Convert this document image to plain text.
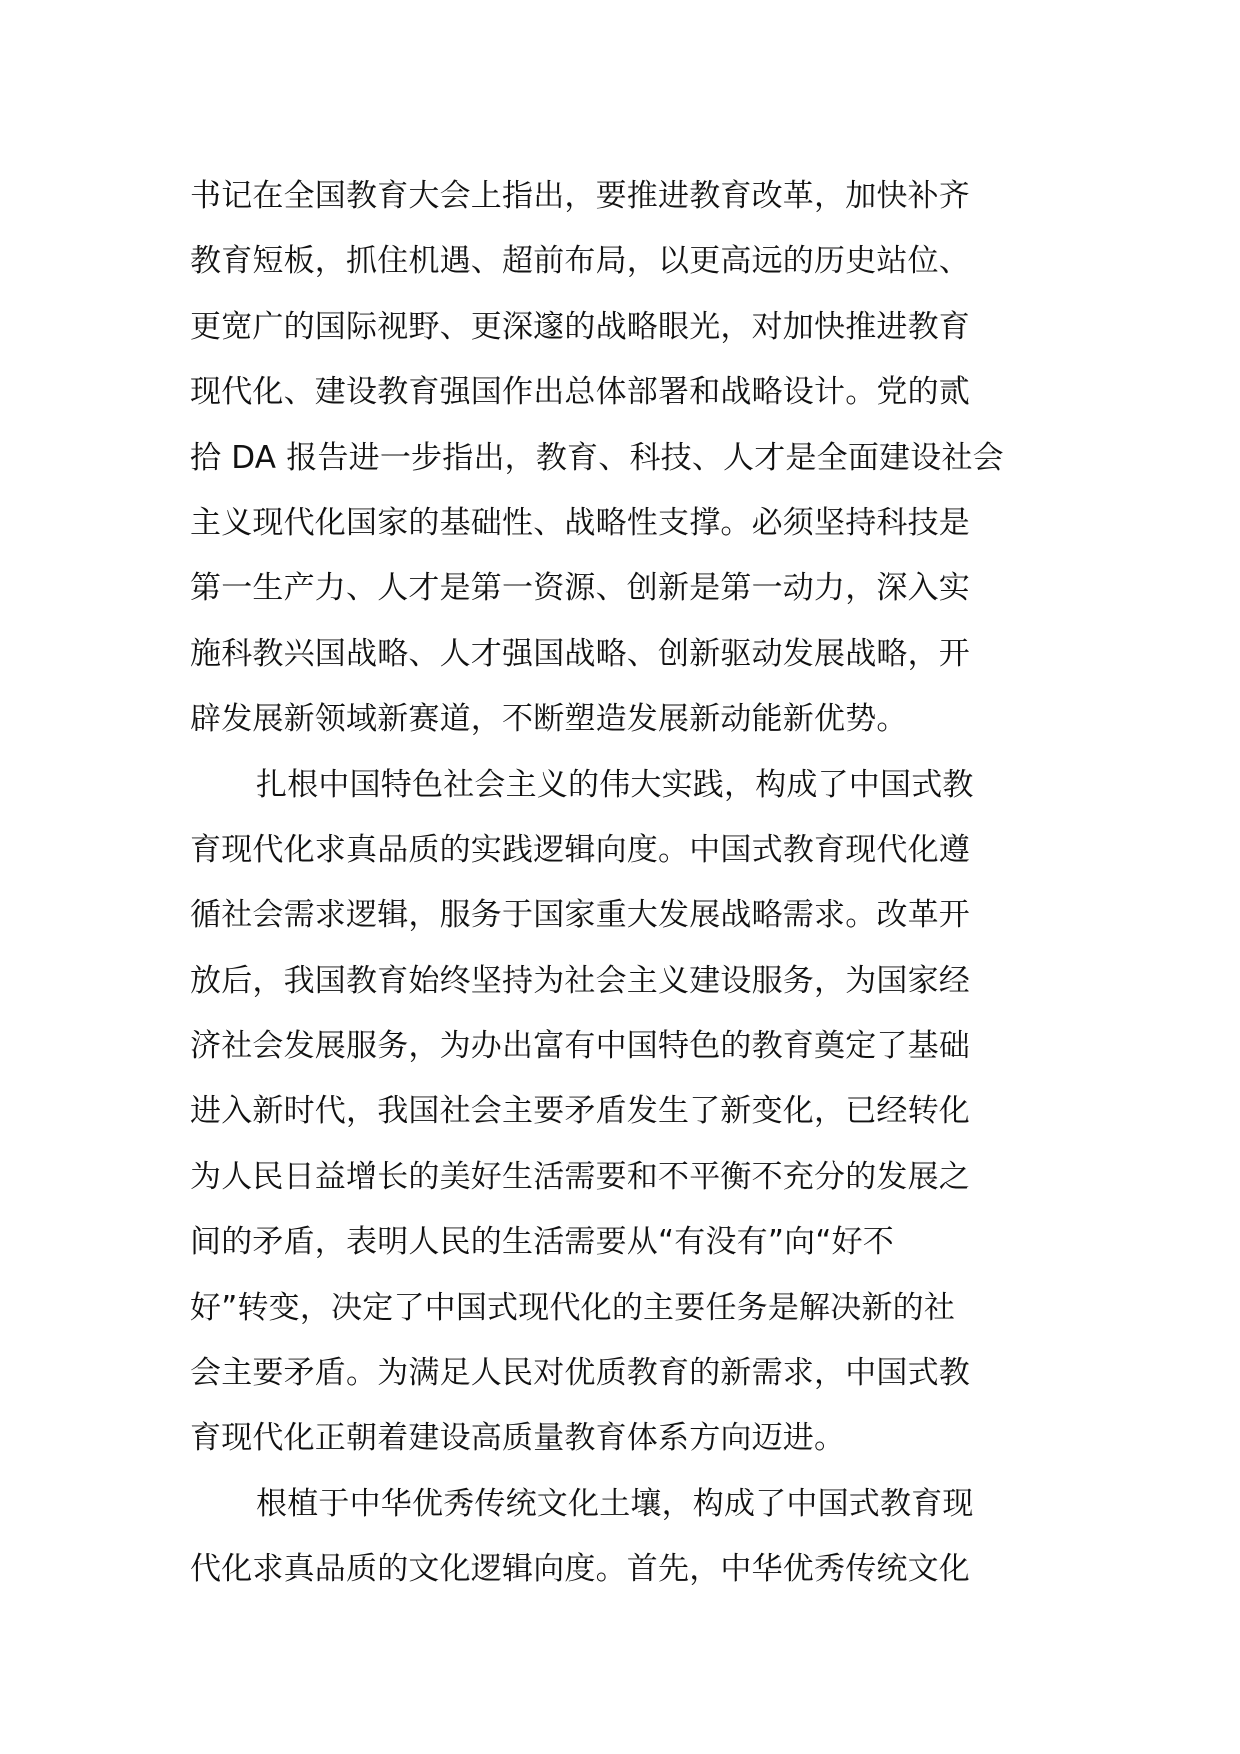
书记在全国教育大会上指出，要推进教育改革，加快补齐
教育短板，抓住机遇、超前布局，以更高远的历史站位、
更宽广的国际视野、更深邃的战略眼光，对加快推进教育
现代化、建设教育强国作出总体部署和战略设计。党的贰
拾 DA 报告进一步指出，教育、科技、人才是全面建设社会
主义现代化国家的基础性、战略性支撑。必须坚持科技是
第一生产力、人才是第一资源、创新是第一动力，深入实
施科教兴国战略、人才强国战略、创新驱动发展战略，开
辟发展新领域新赛道，不断塑造发展新动能新优势。
扎根中国特色社会主义的伟大实践，构成了中国式教
育现代化求真品质的实践逻辑向度。中国式教育现代化遵
循社会需求逻辑，服务于国家重大发展战略需求。改革开
放后，我国教育始终坚持为社会主义建设服务，为国家经
济社会发展服务，为办出富有中国特色的教育奠定了基础
进入新时代，我国社会主要矛盾发生了新变化，已经转化
为人民日益增长的美好生活需要和不平衡不充分的发展之
间的矛盾，表明人民的生活需要从“有没有”向“好不
好”转变，决定了中国式现代化的主要任务是解决新的社
会主要矛盾。为满足人民对优质教育的新需求，中国式教
育现代化正朝着建设高质量教育体系方向迈进。
根植于中华优秀传统文化土壤，构成了中国式教育现
代化求真品质的文化逻辑向度。首先，中华优秀传统文化
